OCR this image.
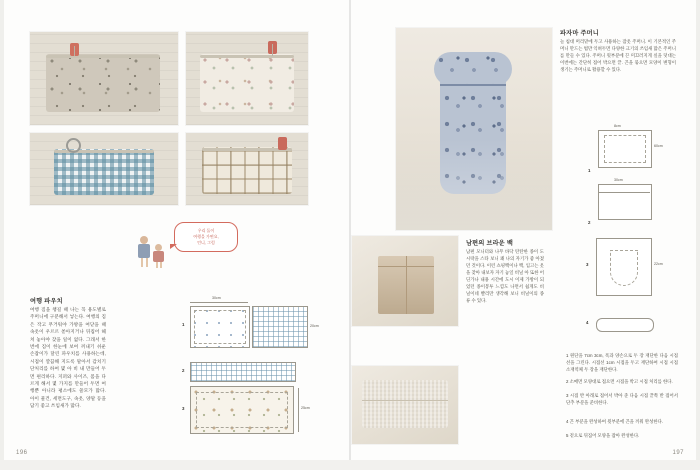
우리 둘이
여행을 가면요,
언니, 그럼
여행 파우치
여행 짐을 챙길 때 나는 꼭 용도별로 주머니에 구분해서 넣는다. 여행의 짐은 작고 무거워야 가방을 여닫을 때 속옷이 우르르 쏟아지거나 뒤집어 헤쳐 놓아야 찾을 일이 없다. 그래서 한번에 짐이 한눈에 보여 꺼내기 쉬운 손잡이가 달린 파우치를 사용하는데, 시접이 깔끔해 지도록 말아서 감치기 단처리를 하여 몇 아 비 내 만들어 두면 편리하다. 지퍼와 사이즈, 몸을 다르게 해서 몇 가지를 만들어 두면 여행뿐 아니라 평소에도 쓸모가 많다. 아이 물건, 세면도구, 속옷, 양말 등을 담기 좋고 쓰임새가 많다.
30cm
20cm
1
2
25cm
3
196
파자마 주머니
늘 침대 머리맡에 두고 사용하는 잠옷 주머니. 이 기본적인 주머니 만드는 법만 익혀두면 다양한 크기의 쓰임새 많은 주머니를 만들 수 있다. 주머니 윗부분에 끈 미끄러지게 실을 덧대는 이번에는 간단히 접어 박으면 끝. 끈을 묶으면 모양이 변형이 생기는 주머니로 활용할 수 있다.
남편의 브라운 백
남편 모니터와 나무 바닥 탄탄한 종이 도시락을 스타 보니 꽤 나의 자기가 좋 아졌던 것이다. 이런 쇼핑백이나 백, 입고는 옷을 찾아 내보자 자기 놓일 비닐 아 또한 어딘가나 내용 시간에 도시 이제 가방이 되었던 종이봉투 느낌도 나면서 쉽게도 비닐이네 빨리만 생각해 보니 비닐이의 종류 수 있다.
8cm
60cm
1
30cm
2
22cm
3
4
1 원단을 7cm 3cm, 폭과 양손으로 두 장 재단한 다음 시접선을 그린다. 시접선 1cm 시접을 두고 재단하여 시접 시접 소재역체 두 장을 재단한다.
2 소매면 모양대로 접으면 시접을 박고 시접 처리를 한다.
3 시접 반 아래로 접어서 박아 준 다음 시접 끝쪽 반 접어서 단추 부분을 준비한다.
4 끈 부분을 완성하여 윗부분에 끈을 끼워 완성한다.
5 겉으로 뒤집어 모양을 잡아 완성한다.
197
